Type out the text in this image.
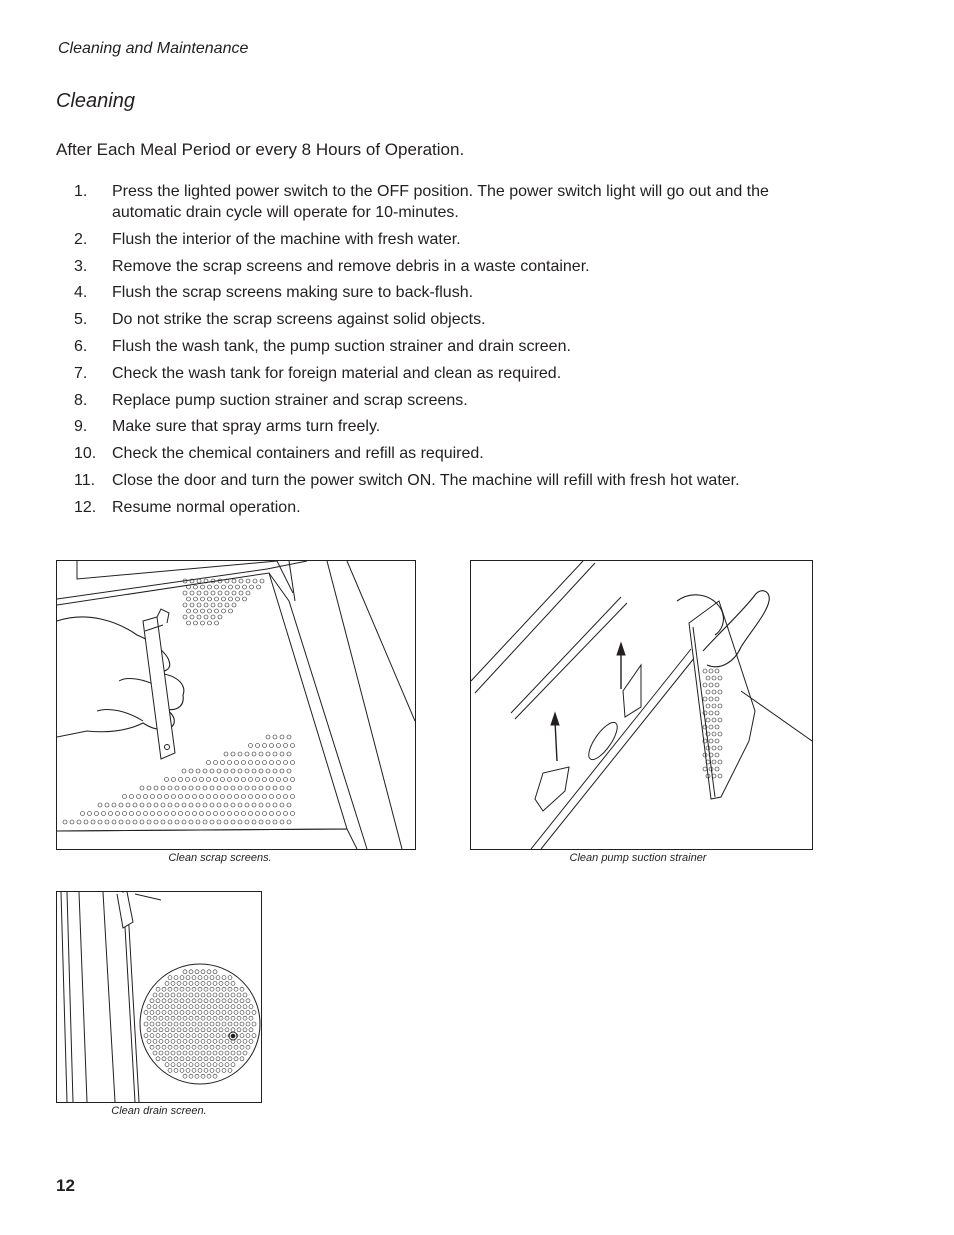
Cleaning and Maintenance
Cleaning
After Each Meal Period or every 8 Hours of Operation.
1. Press the lighted power switch to the OFF position. The power switch light will go out and the automatic drain cycle will operate for 10-minutes.
2. Flush the interior of the machine with fresh water.
3. Remove the scrap screens and remove debris in a waste container.
4. Flush the scrap screens making sure to back-flush.
5. Do not strike the scrap screens against solid objects.
6. Flush the wash tank, the pump suction strainer and drain screen.
7. Check the wash tank for foreign material and clean as required.
8. Replace pump suction strainer and scrap screens.
9. Make sure that spray arms turn freely.
10. Check the chemical containers and refill as required.
11. Close the door and turn the power switch ON. The machine will refill with fresh hot water.
12. Resume normal operation.
Clean scrap screens.	Clean pump suction strainer
Clean drain screen.
12
